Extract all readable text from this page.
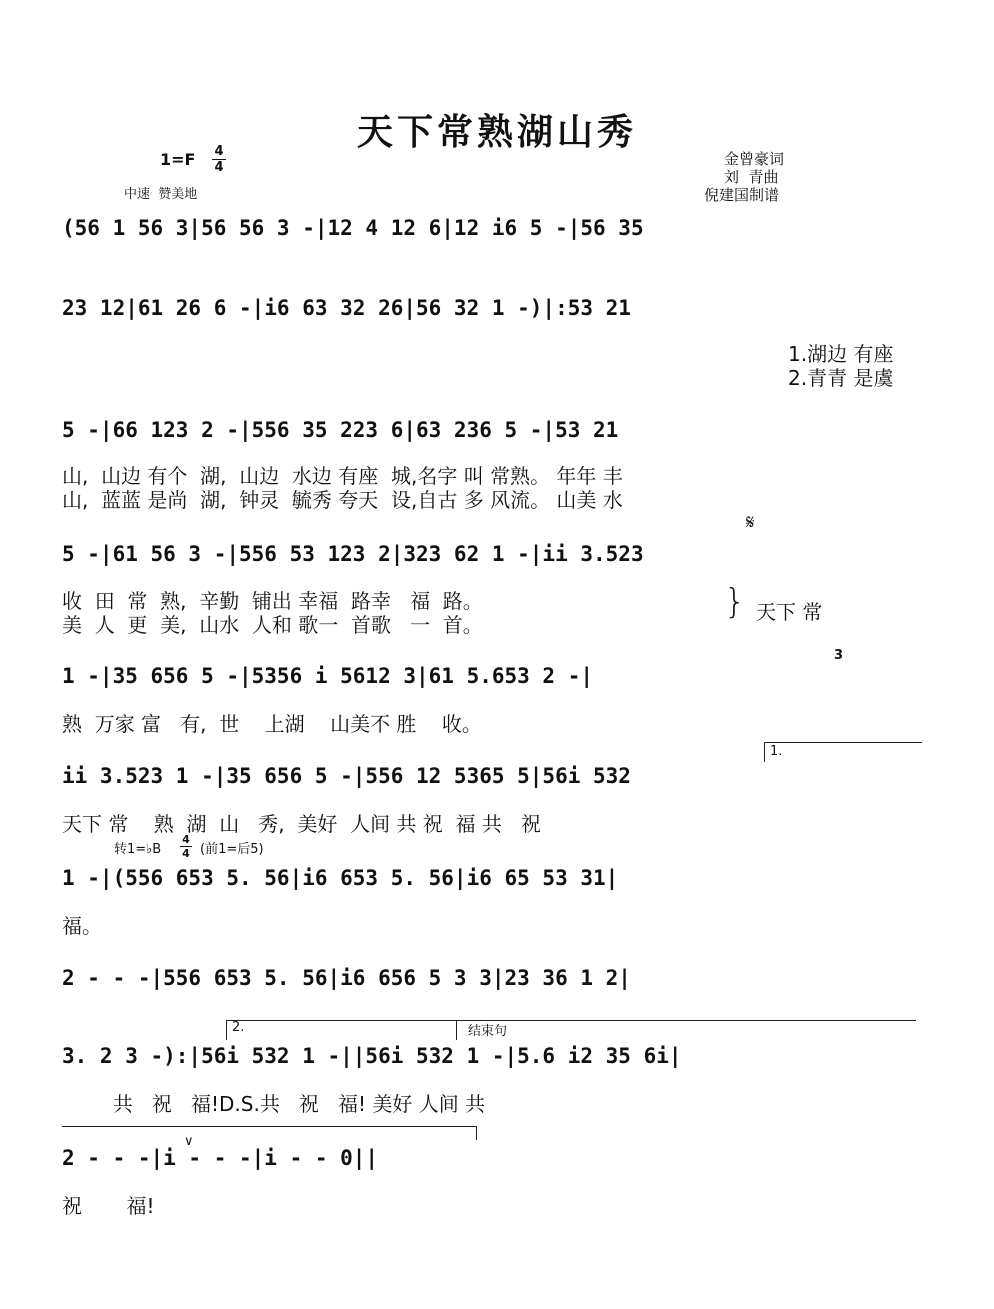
天下常熟湖山秀
1=F 4
4
中速  赞美地
金曾豪词
刘  青曲
倪建国制谱
(56 1 56 3|56 56 3 -|12 4 12 6|12 i6 5 -|56 35
23 12|61 26 6 -|i6 63 32 26|56 32 1 -)|:53 21
1.湖边 有座
2.青青 是虞
5 -|66 123 2 -|556 35 223 6|63 236 5 -|53 21
山,  山边 有个  湖,  山边  水边 有座  城,名字 叫 常熟。 年年 丰
山,  蓝蓝 是尚  湖,  钟灵  毓秀 夸天  设,自古 多 风流。 山美 水
𝄋
5 -|61 56 3 -|556 53 123 2|323 62 1 -|ii 3.523
收  田  常  熟,  辛勤  铺出 幸福  路幸   福  路。
美  人  更  美,  山水  人和 歌一  首歌   一  首。
} 天下 常
1 -|35 656 5 -|5356 i 5612 3|61 5.653 2 -|
3
熟  万家 富   有,  世    上湖    山美不 胜    收。
1.
ii 3.523 1 -|35 656 5 -|556 12 5365 5|56i 532
天下 常    熟  湖  山   秀,  美好  人间 共 祝  福 共   祝
转1=♭B
4
4 (前1=后5)
1 -|(556 653 5. 56|i6 653 5. 56|i6 65 53 31|
福。
2 - - -|556 653 5. 56|i6 656 5 3 3|23 36 1 2|
2.	结束句
3. 2 3 -):|56i 532 1 -||56i 532 1 -|5.6 i2 35 6i|
共   祝   福!D.S.共   祝   福! 美好 人间 共
∨
2 - - -|i - - -|i - - 0||
祝       福!
